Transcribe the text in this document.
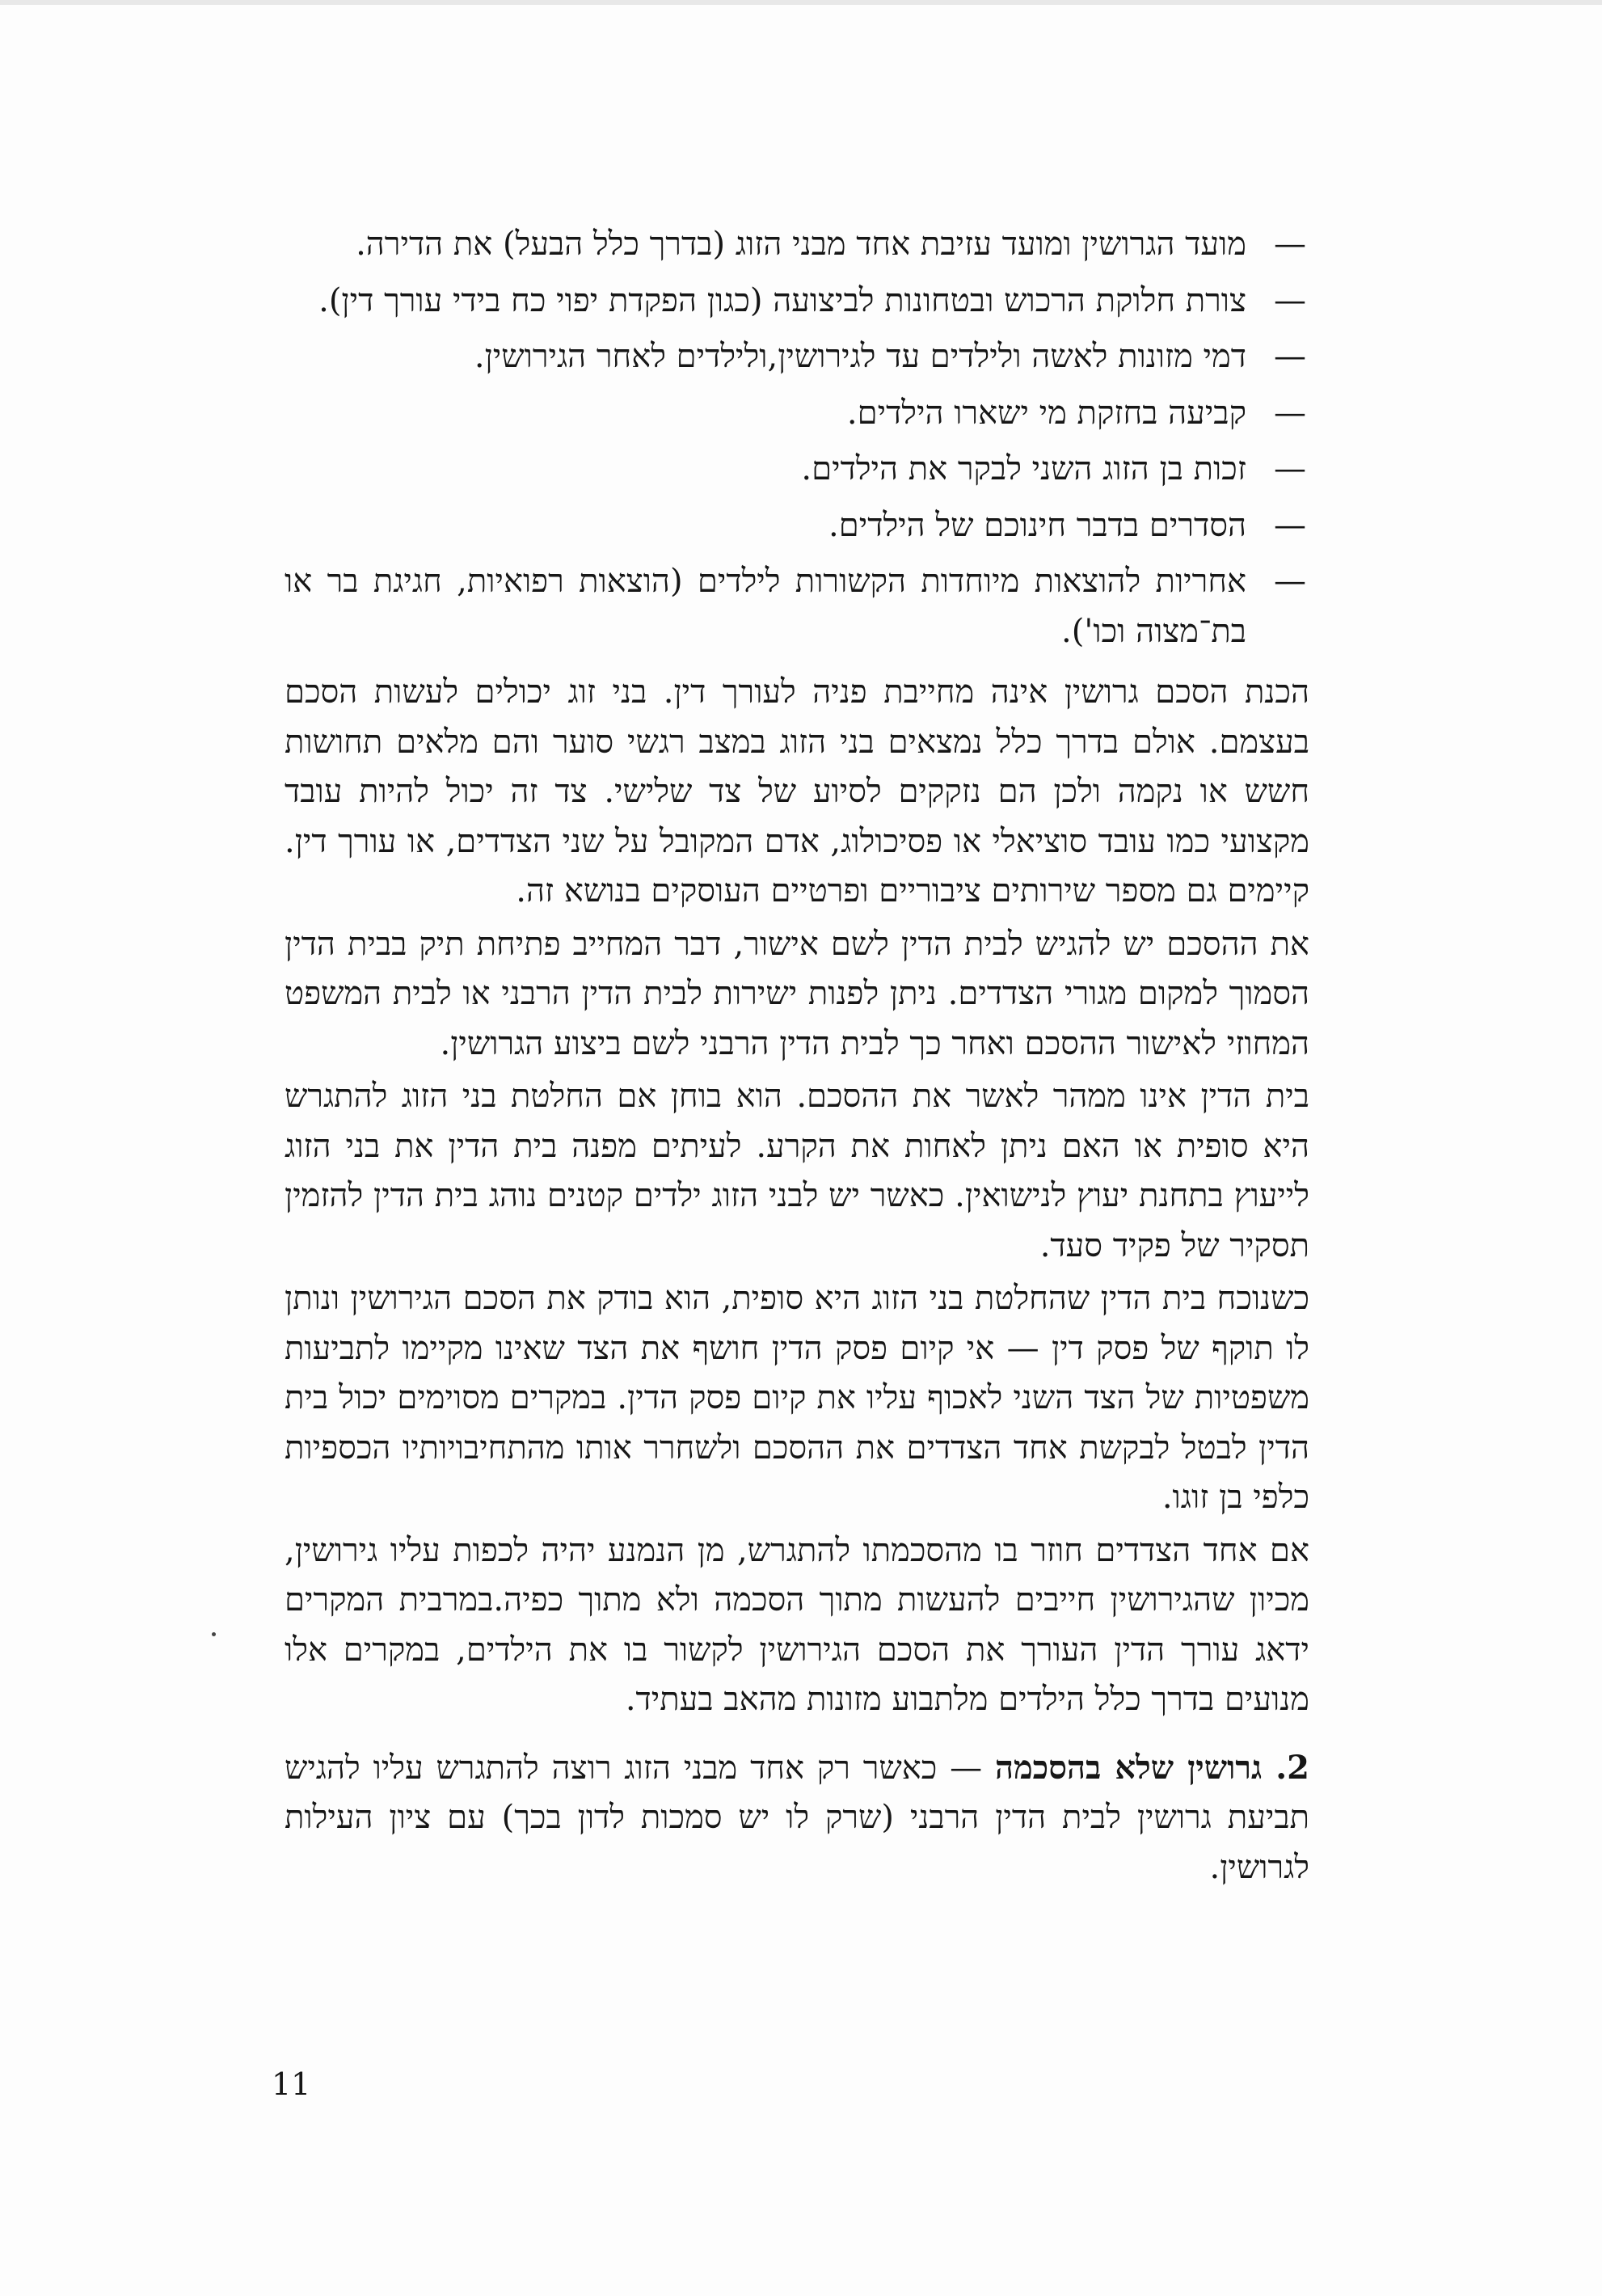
—
מועד הגרושין ומועד עזיבת אחד מבני הזוג (בדרך כלל הבעל) את הדירה.
—
צורת חלוקת הרכוש ובטחונות לביצועה (כגון הפקדת יפוי כח בידי עורך דין).
—
דמי מזונות לאשה ולילדים עד לגירושין,ולילדים לאחר הגירושין.
—
קביעה בחזקת מי ישארו הילדים.
—
זכות בן הזוג השני לבקר את הילדים.
—
הסדרים בדבר חינוכם של הילדים.
—
אחריות להוצאות מיוחדות הקשורות לילדים (הוצאות רפואיות, חגיגת בר או בת־מצוה וכו').

הכנת הסכם גרושין אינה מחייבת פניה לעורך דין. בני זוג יכולים לעשות הסכם בעצמם. אולם בדרך כלל נמצאים בני הזוג במצב רגשי סוער והם מלאים תחושות חשש או נקמה ולכן הם נזקקים לסיוע של צד שלישי. צד זה יכול להיות עובד מקצועי כמו עובד סוציאלי או פסיכולוג, אדם המקובל על שני הצדדים, או עורך דין. קיימים גם מספר שירותים ציבוריים ופרטיים העוסקים בנושא זה.

את ההסכם יש להגיש לבית הדין לשם אישור, דבר המחייב פתיחת תיק בבית הדין הסמוך למקום מגורי הצדדים. ניתן לפנות ישירות לבית הדין הרבני או לבית המשפט המחוזי לאישור ההסכם ואחר כך לבית הדין הרבני לשם ביצוע הגרושין.

בית הדין אינו ממהר לאשר את ההסכם. הוא בוחן אם החלטת בני הזוג להתגרש היא סופית או האם ניתן לאחות את הקרע. לעיתים מפנה בית הדין את בני הזוג לייעוץ בתחנת יעוץ לנישואין. כאשר יש לבני הזוג ילדים קטנים נוהג בית הדין להזמין תסקיר של פקיד סעד.

כשנוכח בית הדין שהחלטת בני הזוג היא סופית, הוא בודק את הסכם הגירושין ונותן לו תוקף של פסק דין — אי קיום פסק הדין חושף את הצד שאינו מקיימו לתביעות משפטיות של הצד השני לאכוף עליו את קיום פסק הדין. במקרים מסוימים יכול בית הדין לבטל לבקשת אחד הצדדים את ההסכם ולשחרר אותו מהתחיבויותיו הכספיות כלפי בן זוגו.

אם אחד הצדדים חוזר בו מהסכמתו להתגרש, מן הנמנע יהיה לכפות עליו גירושין, מכיון שהגירושין חייבים להעשות מתוך הסכמה ולא מתוך כפיה.במרבית המקרים ידאג עורך הדין העורך את הסכם הגירושין לקשור בו את הילדים, במקרים אלו מנועים בדרך כלל הילדים מלתבוע מזונות מהאב בעתיד.

2. גרושין שלא בהסכמה — כאשר רק אחד מבני הזוג רוצה להתגרש עליו להגיש תביעת גרושין לבית הדין הרבני (שרק לו יש סמכות לדון בכך) עם ציון העילות לגרושין.

11
